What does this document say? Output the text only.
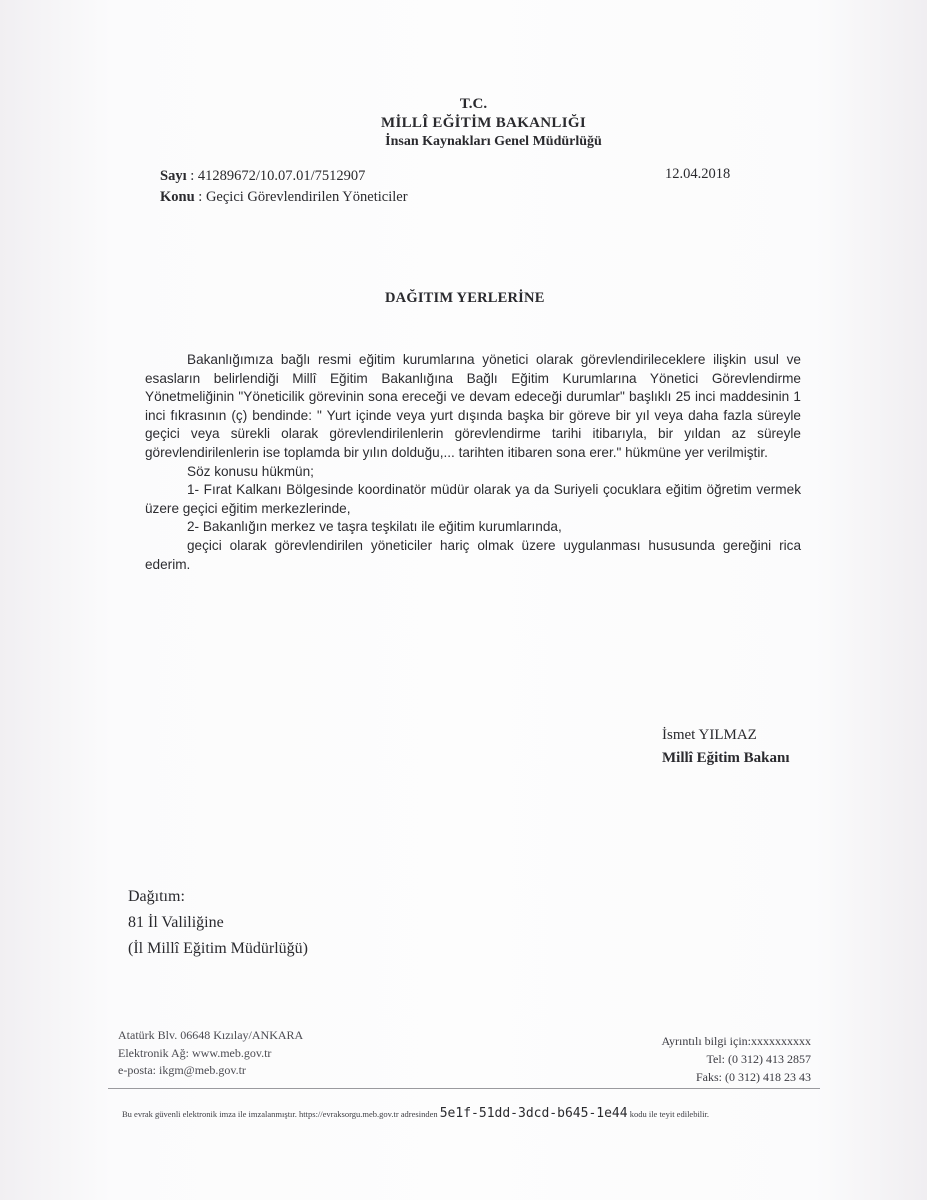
T.C.
MİLLÎ EĞİTİM BAKANLIĞI
İnsan Kaynakları Genel Müdürlüğü
Sayı : 41289672/10.07.01/7512907
Konu : Geçici Görevlendirilen Yöneticiler
12.04.2018
DAĞITIM YERLERİNE

Bakanlığımıza bağlı resmi eğitim kurumlarına yönetici olarak görevlendirileceklere ilişkin usul ve esasların belirlendiği Millî Eğitim Bakanlığına Bağlı Eğitim Kurumlarına Yönetici Görevlendirme Yönetmeliğinin "Yöneticilik görevinin sona ereceği ve devam edeceği durumlar" başlıklı 25 inci maddesinin 1 inci fıkrasının (ç) bendinde: " Yurt içinde veya yurt dışında başka bir göreve bir yıl veya daha fazla süreyle geçici veya sürekli olarak görevlendirilenlerin görevlendirme tarihi itibarıyla, bir yıldan az süreyle görevlendirilenlerin ise toplamda bir yılın dolduğu,... tarihten itibaren sona erer." hükmüne yer verilmiştir.

Söz konusu hükmün;

1- Fırat Kalkanı Bölgesinde koordinatör müdür olarak ya da Suriyeli çocuklara eğitim öğretim vermek üzere geçici eğitim merkezlerinde,

2- Bakanlığın merkez ve taşra teşkilatı ile eğitim kurumlarında,

geçici olarak görevlendirilen yöneticiler hariç olmak üzere uygulanması hususunda gereğini rica ederim.

İsmet YILMAZ
Millî Eğitim Bakanı
Dağıtım:
81 İl Valiliğine
(İl Millî Eğitim Müdürlüğü)
Atatürk Blv. 06648 Kızılay/ANKARA
Elektronik Ağ: www.meb.gov.tr
e-posta: ikgm@meb.gov.tr
Ayrıntılı bilgi için:xxxxxxxxxx
Tel: (0 312) 413 2857
Faks: (0 312) 418 23 43
Bu evrak güvenli elektronik imza ile imzalanmıştır. https://evraksorgu.meb.gov.tr adresinden 5e1f-51dd-3dcd-b645-1e44 kodu ile teyit edilebilir.
